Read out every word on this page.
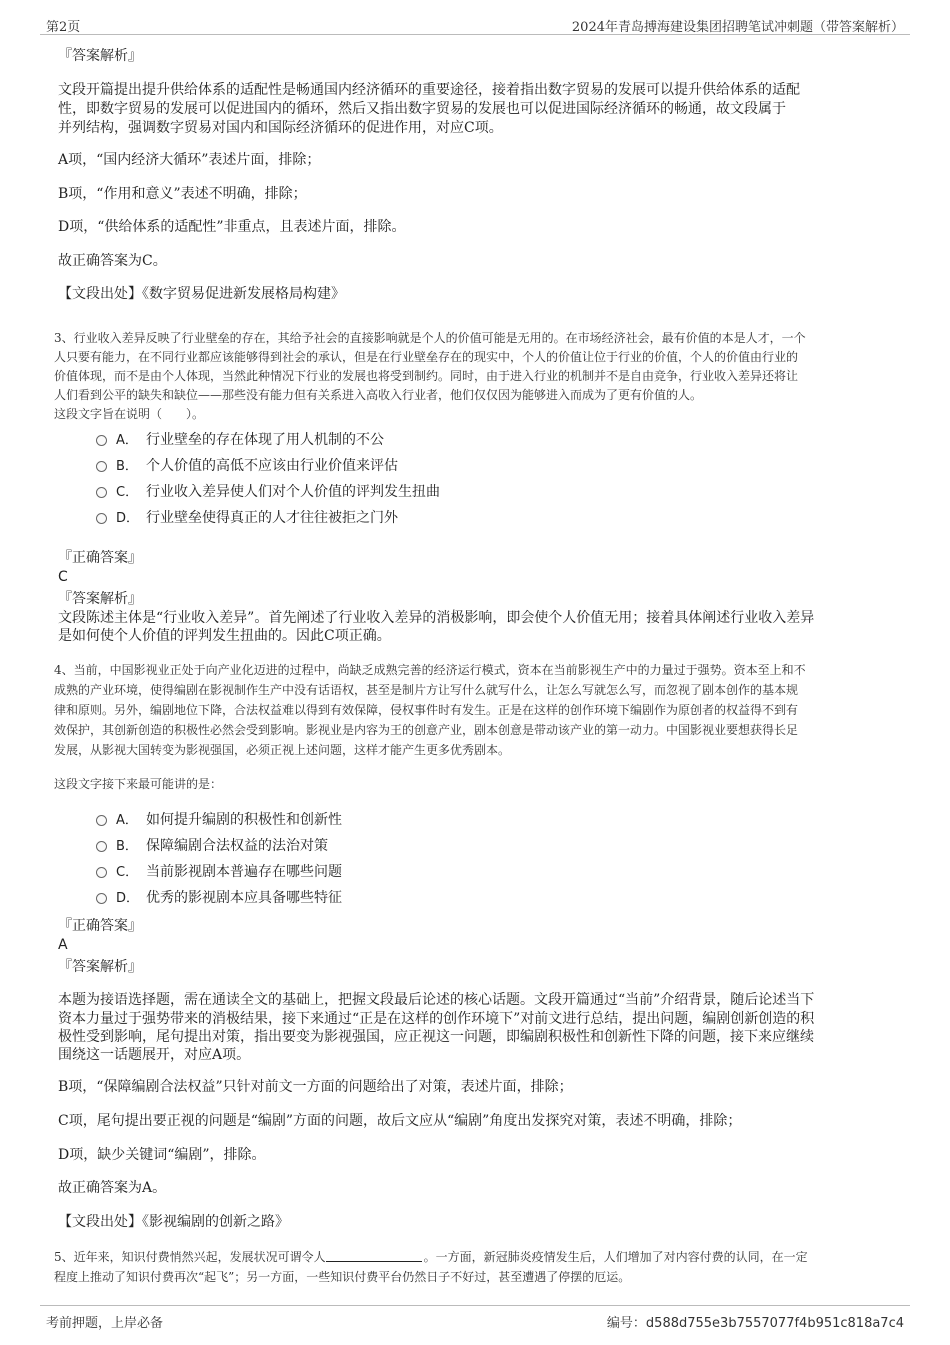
第2页	2024年青岛搏海建设集团招聘笔试冲刺题（带答案解析）
『答案解析』
文段开篇提出提升供给体系的适配性是畅通国内经济循环的重要途径，接着指出数字贸易的发展可以提升供给体系的适配
性，即数字贸易的发展可以促进国内的循环，然后又指出数字贸易的发展也可以促进国际经济循环的畅通，故文段属于
并列结构，强调数字贸易对国内和国际经济循环的促进作用，对应C项。
A项，“国内经济大循环”表述片面，排除；
B项，“作用和意义”表述不明确，排除；
D项，“供给体系的适配性”非重点，且表述片面，排除。
故正确答案为C。
【文段出处】《数字贸易促进新发展格局构建》
3、行业收入差异反映了行业壁垒的存在，其给予社会的直接影响就是个人的价值可能是无用的。在市场经济社会，最有价值的本是人才，一个
人只要有能力，在不同行业都应该能够得到社会的承认，但是在行业壁垒存在的现实中，个人的价值让位于行业的价值，个人的价值由行业的
价值体现，而不是由个人体现，当然此种情况下行业的发展也将受到制约。同时，由于进入行业的机制并不是自由竞争，行业收入差异还将让
人们看到公平的缺失和缺位——那些没有能力但有关系进入高收入行业者，他们仅仅因为能够进入而成为了更有价值的人。
这段文字旨在说明（　　）。
A． 行业壁垒的存在体现了用人机制的不公
B． 个人价值的高低不应该由行业价值来评估
C． 行业收入差异使人们对个人价值的评判发生扭曲
D． 行业壁垒使得真正的人才往往被拒之门外
『正确答案』
C
『答案解析』
文段陈述主体是“行业收入差异”。首先阐述了行业收入差异的消极影响，即会使个人价值无用；接着具体阐述行业收入差异
是如何使个人价值的评判发生扭曲的。因此C项正确。
4、当前，中国影视业正处于向产业化迈进的过程中，尚缺乏成熟完善的经济运行模式，资本在当前影视生产中的力量过于强势。资本至上和不
成熟的产业环境，使得编剧在影视制作生产中没有话语权，甚至是制片方让写什么就写什么，让怎么写就怎么写，而忽视了剧本创作的基本规
律和原则。另外，编剧地位下降，合法权益难以得到有效保障，侵权事件时有发生。正是在这样的创作环境下编剧作为原创者的权益得不到有
效保护，其创新创造的积极性必然会受到影响。影视业是内容为王的创意产业，剧本创意是带动该产业的第一动力。中国影视业要想获得长足
发展，从影视大国转变为影视强国，必须正视上述问题，这样才能产生更多优秀剧本。
这段文字接下来最可能讲的是：
A． 如何提升编剧的积极性和创新性
B． 保障编剧合法权益的法治对策
C． 当前影视剧本普遍存在哪些问题
D． 优秀的影视剧本应具备哪些特征
『正确答案』
A
『答案解析』
本题为接语选择题，需在通读全文的基础上，把握文段最后论述的核心话题。文段开篇通过“当前”介绍背景，随后论述当下
资本力量过于强势带来的消极结果，接下来通过“正是在这样的创作环境下”对前文进行总结，提出问题，编剧创新创造的积
极性受到影响，尾句提出对策，指出要变为影视强国，应正视这一问题，即编剧积极性和创新性下降的问题，接下来应继续
围绕这一话题展开，对应A项。
B项，“保障编剧合法权益”只针对前文一方面的问题给出了对策，表述片面，排除；
C项，尾句提出要正视的问题是“编剧”方面的问题，故后文应从“编剧”角度出发探究对策，表述不明确，排除；
D项，缺少关键词“编剧”，排除。
故正确答案为A。
【文段出处】《影视编剧的创新之路》
5、近年来，知识付费悄然兴起，发展状况可谓令人	。一方面，新冠肺炎疫情发生后，人们增加了对内容付费的认同，在一定
程度上推动了知识付费再次“起飞”；另一方面，一些知识付费平台仍然日子不好过，甚至遭遇了停摆的厄运。
考前押题，上岸必备	编号：d588d755e3b7557077f4b951c818a7c4
